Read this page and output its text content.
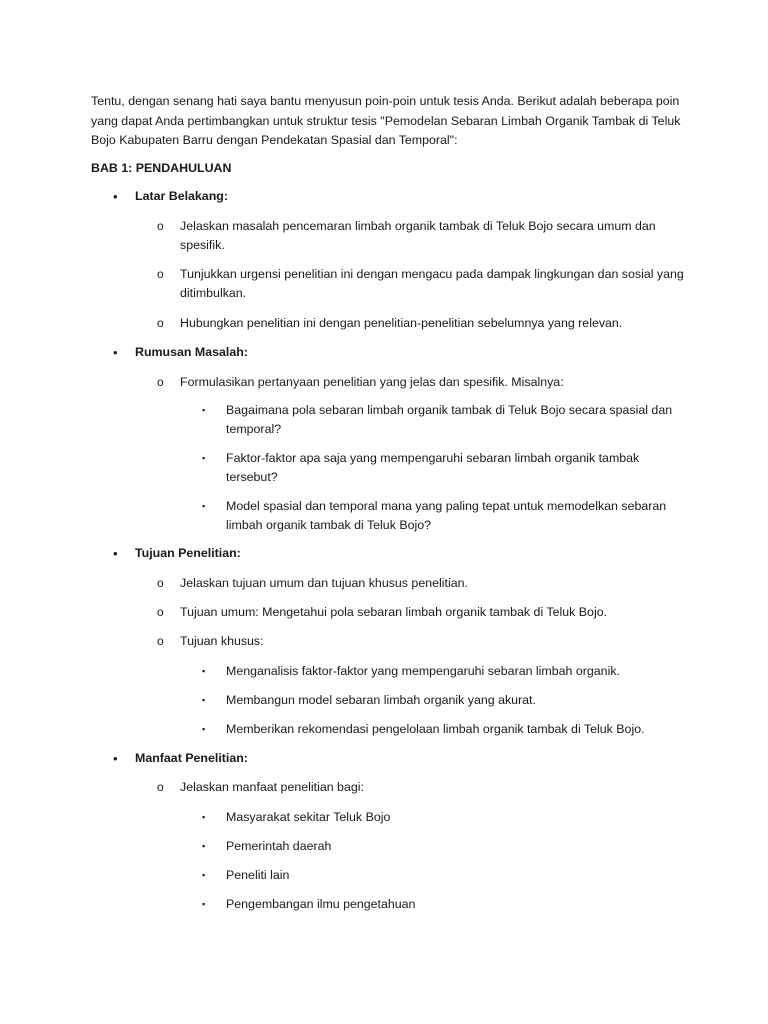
Tentu, dengan senang hati saya bantu menyusun poin-poin untuk tesis Anda. Berikut adalah beberapa poin yang dapat Anda pertimbangkan untuk struktur tesis "Pemodelan Sebaran Limbah Organik Tambak di Teluk Bojo Kabupaten Barru dengan Pendekatan Spasial dan Temporal":

BAB 1: PENDAHULUAN

• Latar Belakang:

o Jelaskan masalah pencemaran limbah organik tambak di Teluk Bojo secara umum dan spesifik.

o Tunjukkan urgensi penelitian ini dengan mengacu pada dampak lingkungan dan sosial yang ditimbulkan.

o Hubungkan penelitian ini dengan penelitian-penelitian sebelumnya yang relevan.

• Rumusan Masalah:

o Formulasikan pertanyaan penelitian yang jelas dan spesifik. Misalnya:

▪ Bagaimana pola sebaran limbah organik tambak di Teluk Bojo secara spasial dan temporal?

▪ Faktor-faktor apa saja yang mempengaruhi sebaran limbah organik tambak tersebut?

▪ Model spasial dan temporal mana yang paling tepat untuk memodelkan sebaran limbah organik tambak di Teluk Bojo?

• Tujuan Penelitian:

o Jelaskan tujuan umum dan tujuan khusus penelitian.

o Tujuan umum: Mengetahui pola sebaran limbah organik tambak di Teluk Bojo.

o Tujuan khusus:

▪ Menganalisis faktor-faktor yang mempengaruhi sebaran limbah organik.

▪ Membangun model sebaran limbah organik yang akurat.

▪ Memberikan rekomendasi pengelolaan limbah organik tambak di Teluk Bojo.

• Manfaat Penelitian:

o Jelaskan manfaat penelitian bagi:

▪ Masyarakat sekitar Teluk Bojo

▪ Pemerintah daerah

▪ Peneliti lain

▪ Pengembangan ilmu pengetahuan
